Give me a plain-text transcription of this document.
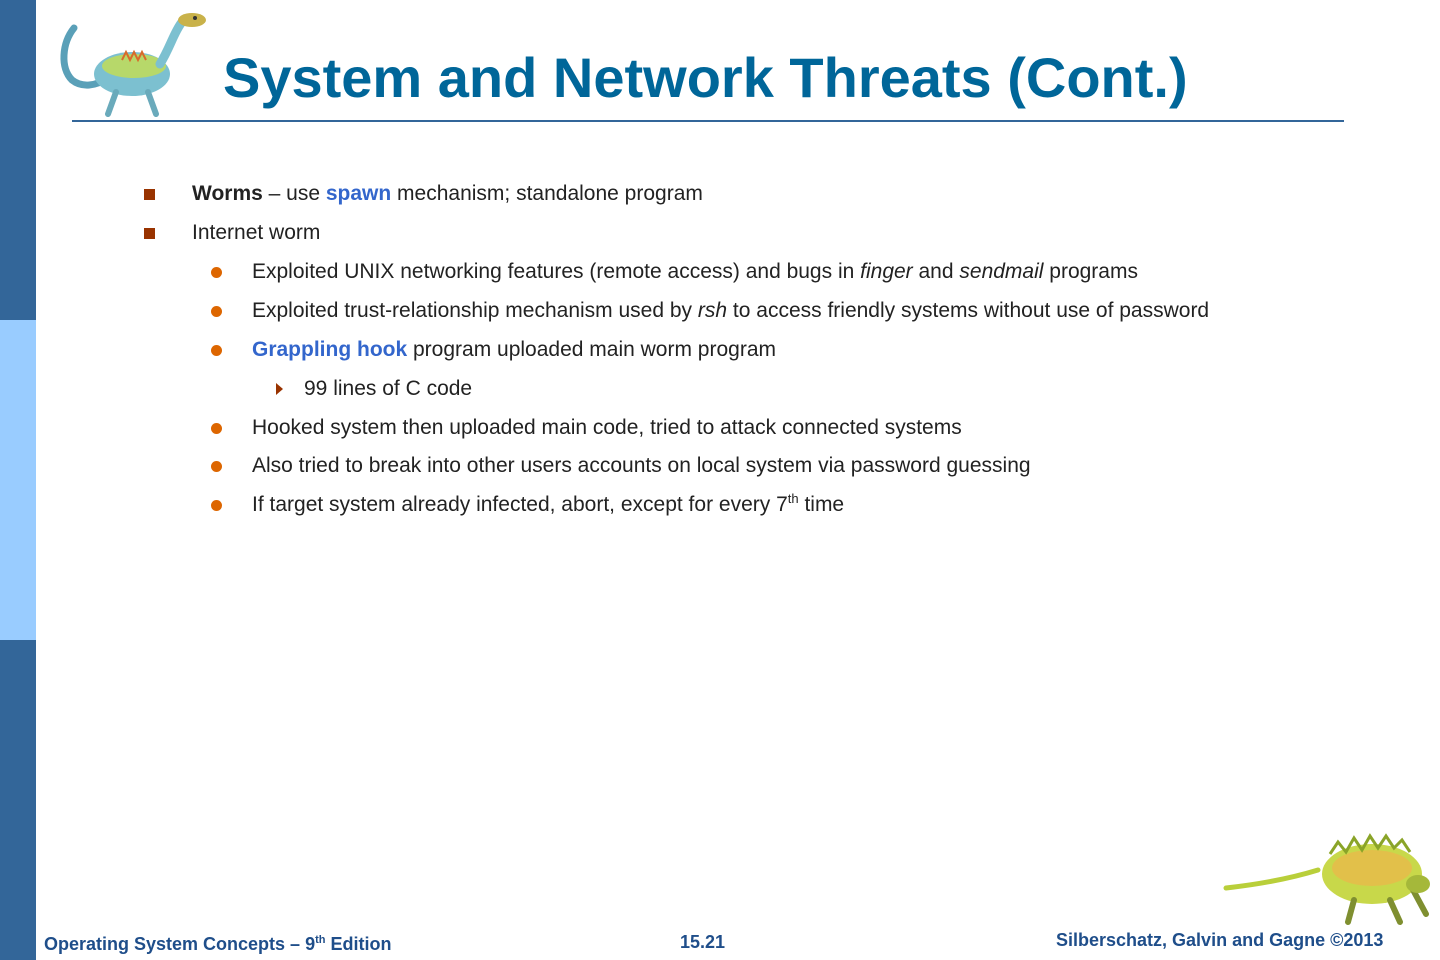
System and Network Threats (Cont.)
Worms – use spawn mechanism; standalone program
Internet worm
Exploited UNIX networking features (remote access) and bugs in finger and sendmail programs
Exploited trust-relationship mechanism used by rsh to access friendly systems without use of password
Grappling hook program uploaded main worm program
99 lines of C code
Hooked system then uploaded main code, tried to attack connected systems
Also tried to break into other users accounts on local system via password guessing
If target system already infected, abort, except for every 7th time
Operating System Concepts – 9th Edition	15.21	Silberschatz, Galvin and Gagne ©2013
